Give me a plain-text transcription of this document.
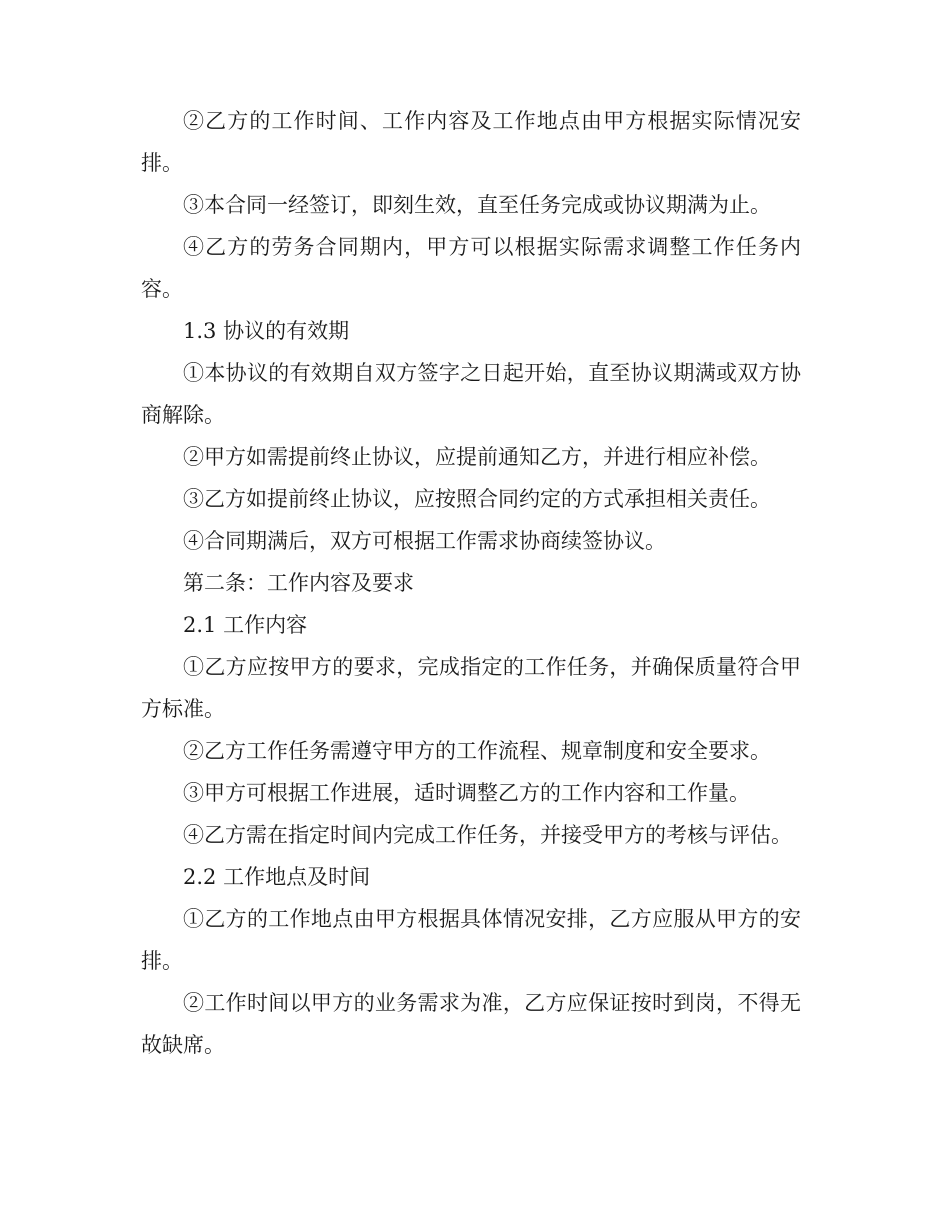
②乙方的工作时间、工作内容及工作地点由甲方根据实际情况安排。

③本合同一经签订，即刻生效，直至任务完成或协议期满为止。

④乙方的劳务合同期内，甲方可以根据实际需求调整工作任务内容。

1.3 协议的有效期

①本协议的有效期自双方签字之日起开始，直至协议期满或双方协商解除。

②甲方如需提前终止协议，应提前通知乙方，并进行相应补偿。

③乙方如提前终止协议，应按照合同约定的方式承担相关责任。

④合同期满后，双方可根据工作需求协商续签协议。

第二条：工作内容及要求

2.1 工作内容

①乙方应按甲方的要求，完成指定的工作任务，并确保质量符合甲方标准。

②乙方工作任务需遵守甲方的工作流程、规章制度和安全要求。

③甲方可根据工作进展，适时调整乙方的工作内容和工作量。

④乙方需在指定时间内完成工作任务，并接受甲方的考核与评估。

2.2 工作地点及时间

①乙方的工作地点由甲方根据具体情况安排，乙方应服从甲方的安排。

②工作时间以甲方的业务需求为准，乙方应保证按时到岗，不得无故缺席。
